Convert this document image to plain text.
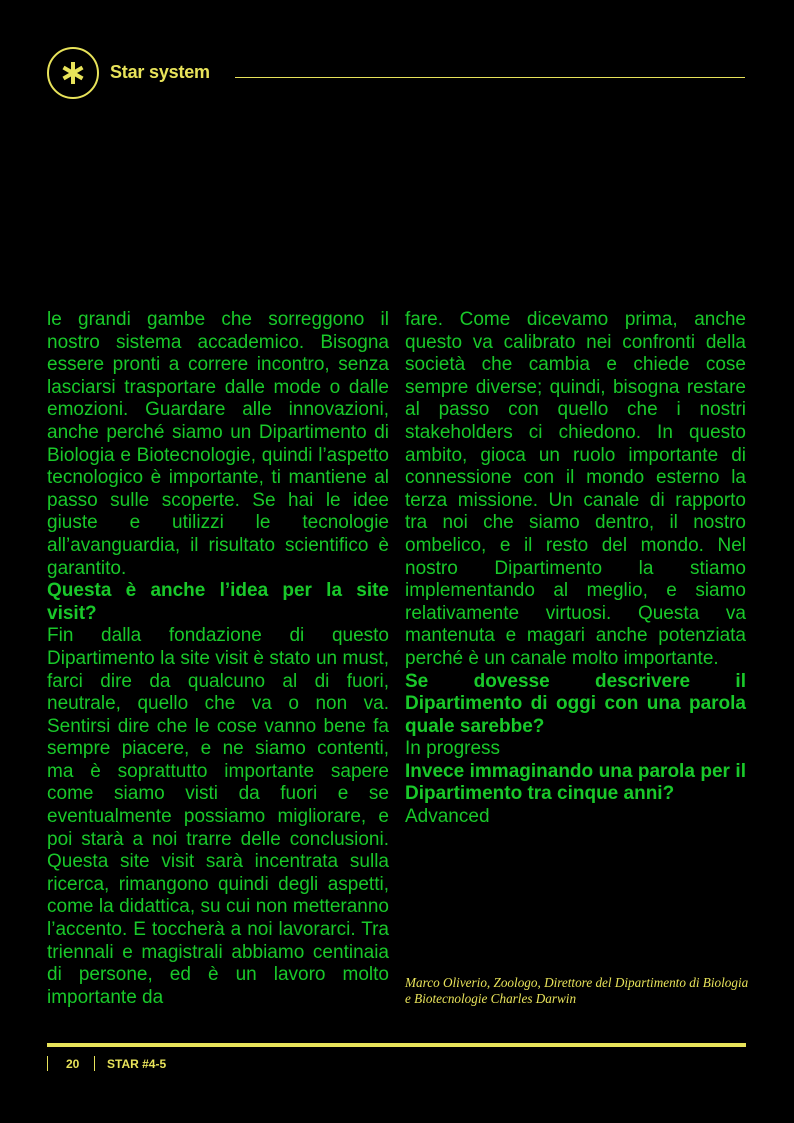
Star system

le grandi gambe che sorreggono il nostro sistema accademico. Bisogna essere pronti a correre incontro, senza lasciarsi trasportare dalle mode o dalle emozioni. Guardare alle innovazioni, anche perché siamo un Dipartimento di Biologia e Biotecnologie, quindi l’aspetto tecnologico è importante, ti mantiene al passo sulle scoperte. Se hai le idee giuste e utilizzi le tecnologie all’avanguardia, il risultato scientifico è garantito.

Questa è anche l’idea per la site visit?

Fin dalla fondazione di questo Dipartimento la site visit è stato un must, farci dire da qualcuno al di fuori, neutrale, quello che va o non va. Sentirsi dire che le cose vanno bene fa sempre piacere, e ne siamo contenti, ma è soprattutto importante sapere come siamo visti da fuori e se eventualmente possiamo migliorare, e poi starà a noi trarre delle conclusioni. Questa site visit sarà incentrata sulla ricerca, rimangono quindi degli aspetti, come la didattica, su cui non metteranno l’accento. E toccherà a noi lavorarci. Tra triennali e magistrali abbiamo centinaia di persone, ed è un lavoro molto importante da

fare. Come dicevamo prima, anche questo va calibrato nei confronti della società che cambia e chiede cose sempre diverse; quindi, bisogna restare al passo con quello che i nostri stakeholders ci chiedono. In questo ambito, gioca un ruolo importante di connessione con il mondo esterno la terza missione. Un canale di rapporto tra noi che siamo dentro, il nostro ombelico, e il resto del mondo. Nel nostro Dipartimento la stiamo implementando al meglio, e siamo relativamente virtuosi. Questa va mantenuta e magari anche potenziata perché è un canale molto importante.

Se dovesse descrivere il Dipartimento di oggi con una parola quale sarebbe?

In progress

Invece immaginando una parola per il Dipartimento tra cinque anni?

Advanced

Marco Oliverio, Zoologo, Direttore del Dipartimento di Biologia e Biotecnologie Charles Darwin
20 STAR #4-5
